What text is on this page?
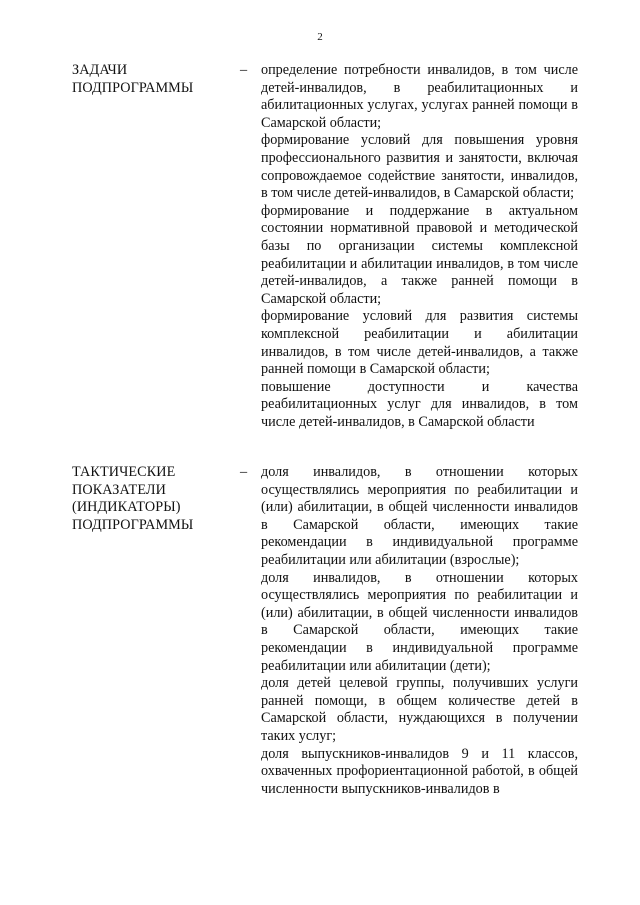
2
ЗАДАЧИ ПОДПРОГРАММЫ
– определение потребности инвалидов, в том числе детей-инвалидов, в реабилитационных и абилитационных услугах, услугах ранней помощи в Самарской области;

формирование условий для повышения уровня профессионального развития и занятости, включая сопровождаемое содействие занятости, инвалидов, в том числе детей-инвалидов, в Самарской области;

формирование и поддержание в актуальном состоянии нормативной правовой и методической базы по организации системы комплексной реабилитации и абилитации инвалидов, в том числе детей-инвалидов, а также ранней помощи в Самарской области;

формирование условий для развития системы комплексной реабилитации и абилитации инвалидов, в том числе детей-инвалидов, а также ранней помощи в Самарской области;

повышение доступности и качества реабилитационных услуг для инвалидов, в том числе детей-инвалидов, в Самарской области

ТАКТИЧЕСКИЕ ПОКАЗАТЕЛИ (ИНДИКАТОРЫ) ПОДПРОГРАММЫ
– доля инвалидов, в отношении которых осуществлялись мероприятия по реабилитации и (или) абилитации, в общей численности инвалидов в Самарской области, имеющих такие рекомендации в индивидуальной программе реабилитации или абилитации (взрослые);

доля инвалидов, в отношении которых осуществлялись мероприятия по реабилитации и (или) абилитации, в общей численности инвалидов в Самарской области, имеющих такие рекомендации в индивидуальной программе реабилитации или абилитации (дети);

доля детей целевой группы, получивших услуги ранней помощи, в общем количестве детей в Самарской области, нуждающихся в получении таких услуг;

доля выпускников-инвалидов 9 и 11 классов, охваченных профориентационной работой, в общей численности выпускников-инвалидов в
